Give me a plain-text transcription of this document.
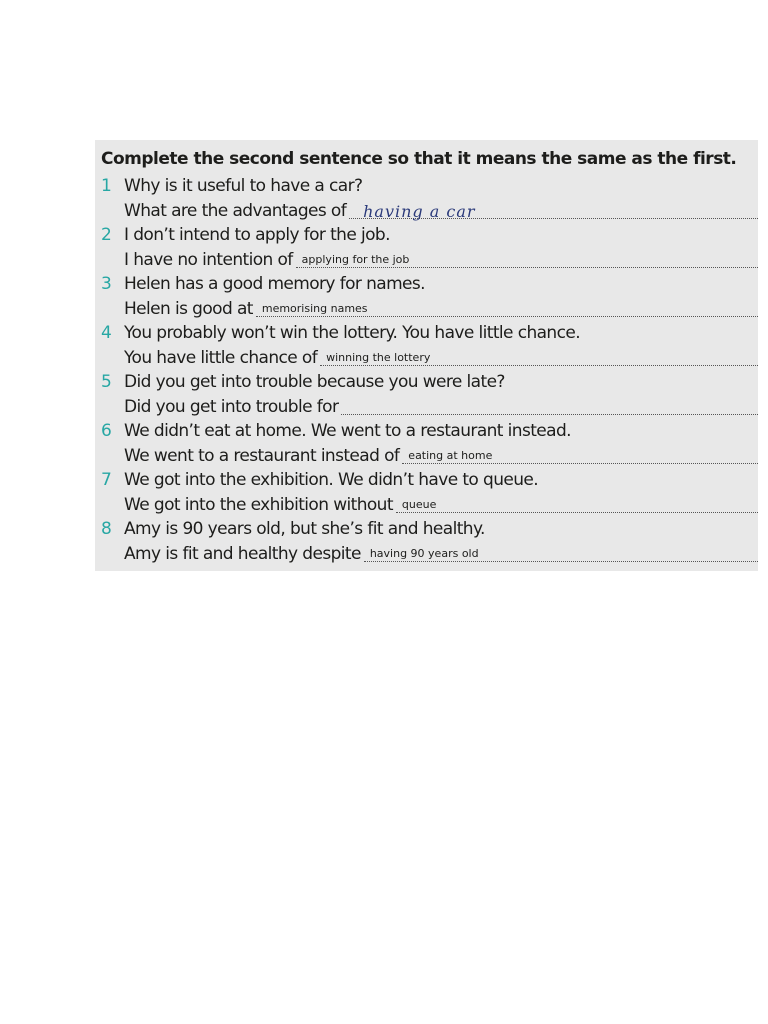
Complete the second sentence so that it means the same as the first.
1 Why is it useful to have a car?
What are the advantages of having a car
2 I don’t intend to apply for the job.
I have no intention of applying for the job
3 Helen has a good memory for names.
Helen is good at memorising names
4 You probably won’t win the lottery. You have little chance.
You have little chance of winning the lottery
5 Did you get into trouble because you were late?
Did you get into trouble for
6 We didn’t eat at home. We went to a restaurant instead.
We went to a restaurant instead of eating at home
7 We got into the exhibition. We didn’t have to queue.
We got into the exhibition without queue
8 Amy is 90 years old, but she’s fit and healthy.
Amy is fit and healthy despite having 90 years old
